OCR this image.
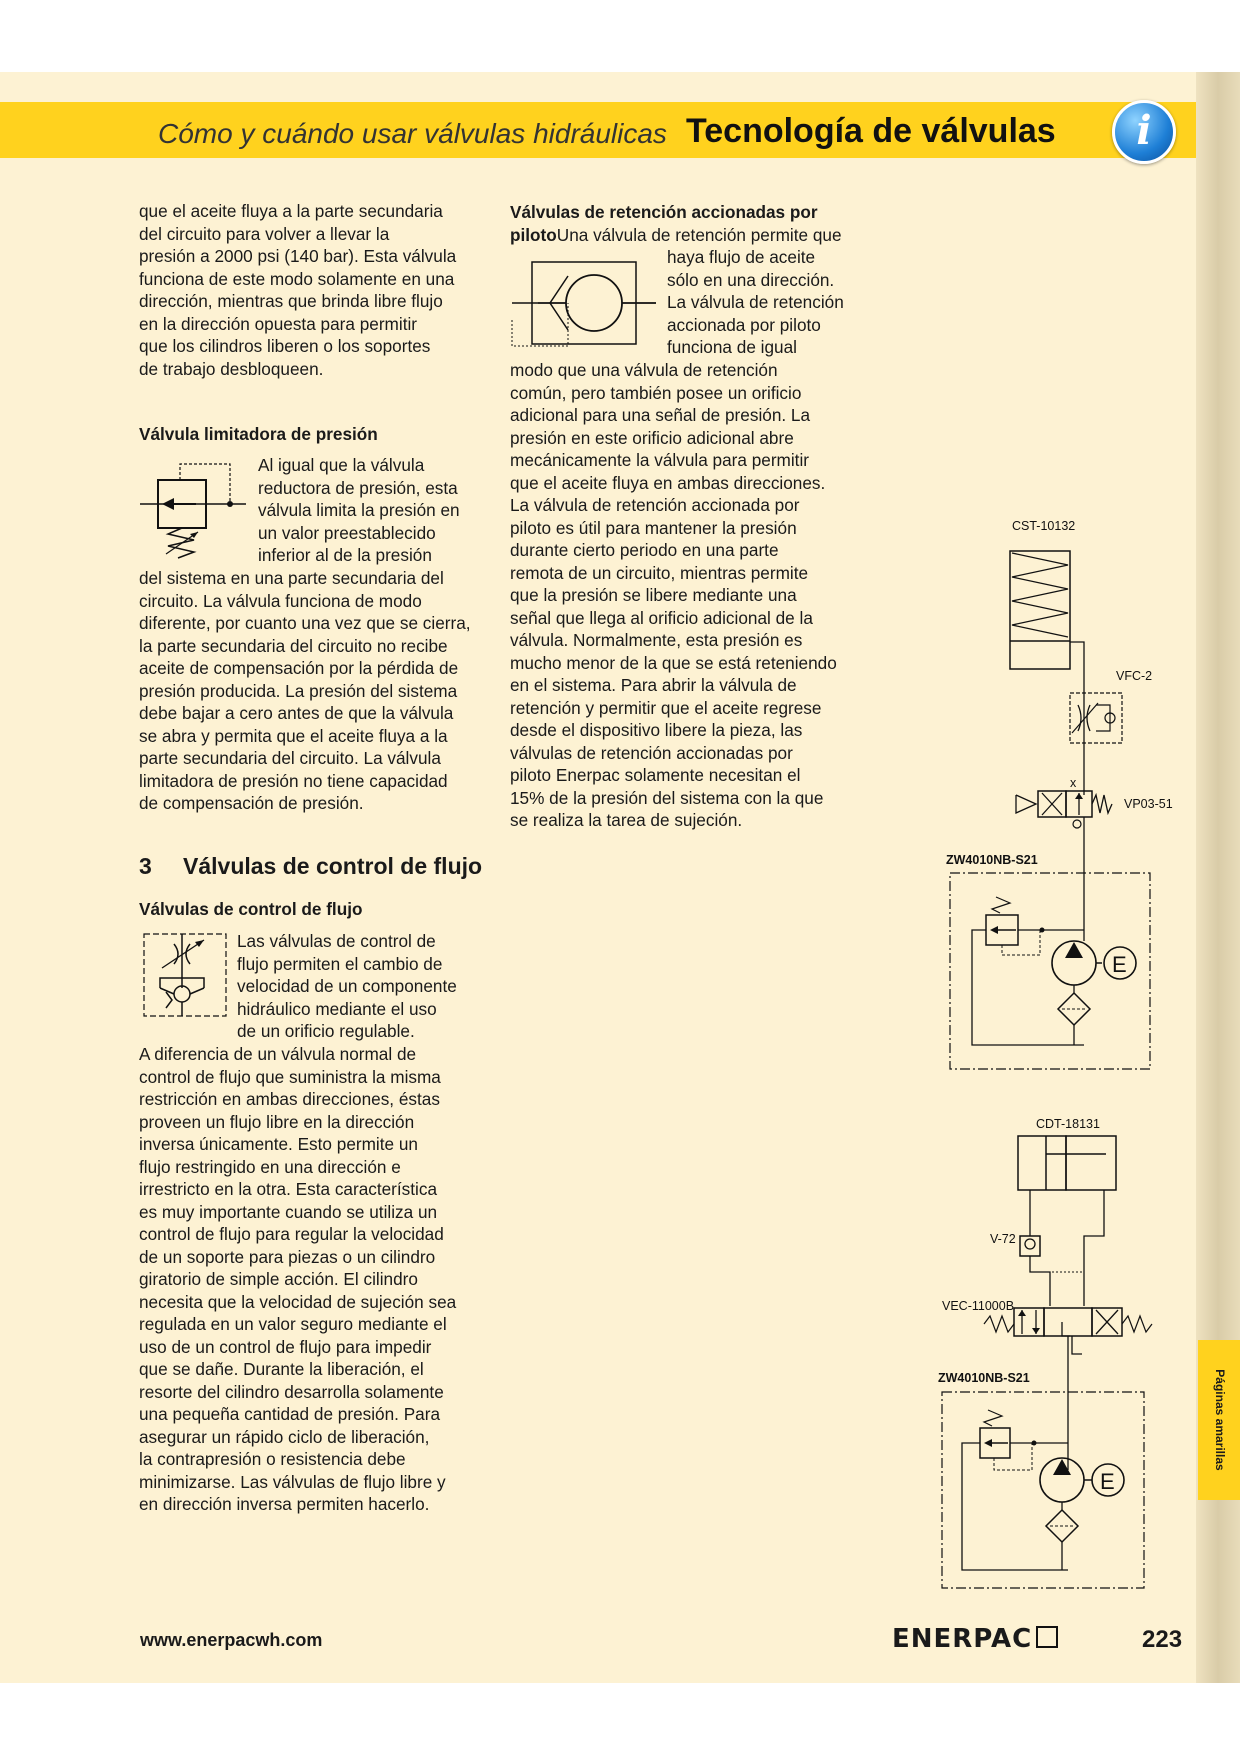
Páginas amarillas
Cómo y cuándo usar válvulas hidráulicas Tecnología de válvulas	i
que el aceite fluya a la parte secundaria
del circuito para volver a llevar la
presión a 2000 psi (140 bar). Esta válvula
funciona de este modo solamente en una
dirección, mientras que brinda libre flujo
en la dirección opuesta para permitir
que los cilindros liberen o los soportes
de trabajo desbloqueen.
Válvula limitadora de presión
Al igual que la válvula
reductora de presión, esta
válvula limita la presión en
un valor preestablecido
inferior al de la presión
del sistema en una parte secundaria del
circuito. La válvula funciona de modo
diferente, por cuanto una vez que se cierra,
la parte secundaria del circuito no recibe
aceite de compensación por la pérdida de
presión producida. La presión del sistema
debe bajar a cero antes de que la válvula
se abra y permita que el aceite fluya a la
parte secundaria del circuito. La válvula
limitadora de presión no tiene capacidad
de compensación de presión.
3 Válvulas de control de flujo
Válvulas de control de flujo
Las válvulas de control de
flujo permiten el cambio de
velocidad de un componente
hidráulico mediante el uso
de un orificio regulable.
A diferencia de un válvula normal de
control de flujo que suministra la misma
restricción en ambas direcciones, éstas
proveen un flujo libre en la dirección
inversa únicamente. Esto permite un
flujo restringido en una dirección e
irrestricto en la otra. Esta característica
es muy importante cuando se utiliza un
control de flujo para regular la velocidad
de un soporte para piezas o un cilindro
giratorio de simple acción. El cilindro
necesita que la velocidad de sujeción sea
regulada en un valor seguro mediante el
uso de un control de flujo para impedir
que se dañe. Durante la liberación, el
resorte del cilindro desarrolla solamente
una pequeña cantidad de presión. Para
asegurar un rápido ciclo de liberación,
la contrapresión o resistencia debe
minimizarse. Las válvulas de flujo libre y
en dirección inversa permiten hacerlo.
Válvulas de retención accionadas por
pilotoUna válvula de retención permite que
haya flujo de aceite
sólo en una dirección.
La válvula de retención
accionada por piloto
funciona de igual
modo que una válvula de retención
común, pero también posee un orificio
adicional para una señal de presión. La
presión en este orificio adicional abre
mecánicamente la válvula para permitir
que el aceite fluya en ambas direcciones.
La válvula de retención accionada por
piloto es útil para mantener la presión
durante cierto periodo en una parte
remota de un circuito, mientras permite
que la presión se libere mediante una
señal que llega al orificio adicional de la
válvula. Normalmente, esta presión es
mucho menor de la que se está reteniendo
en el sistema. Para abrir la válvula de
retención y permitir que el aceite regrese
desde el dispositivo libere la pieza, las
válvulas de retención accionadas por
piloto Enerpac solamente necesitan el
15% de la presión del sistema con la que
se realiza la tarea de sujeción.
CST-10132
VFC-2
VP03-51
x
ZW4010NB-S21
E
CDT-18131
V-72
VEC-11000B
ZW4010NB-S21
E
www.enerpacwh.com	ENERPAC	223
